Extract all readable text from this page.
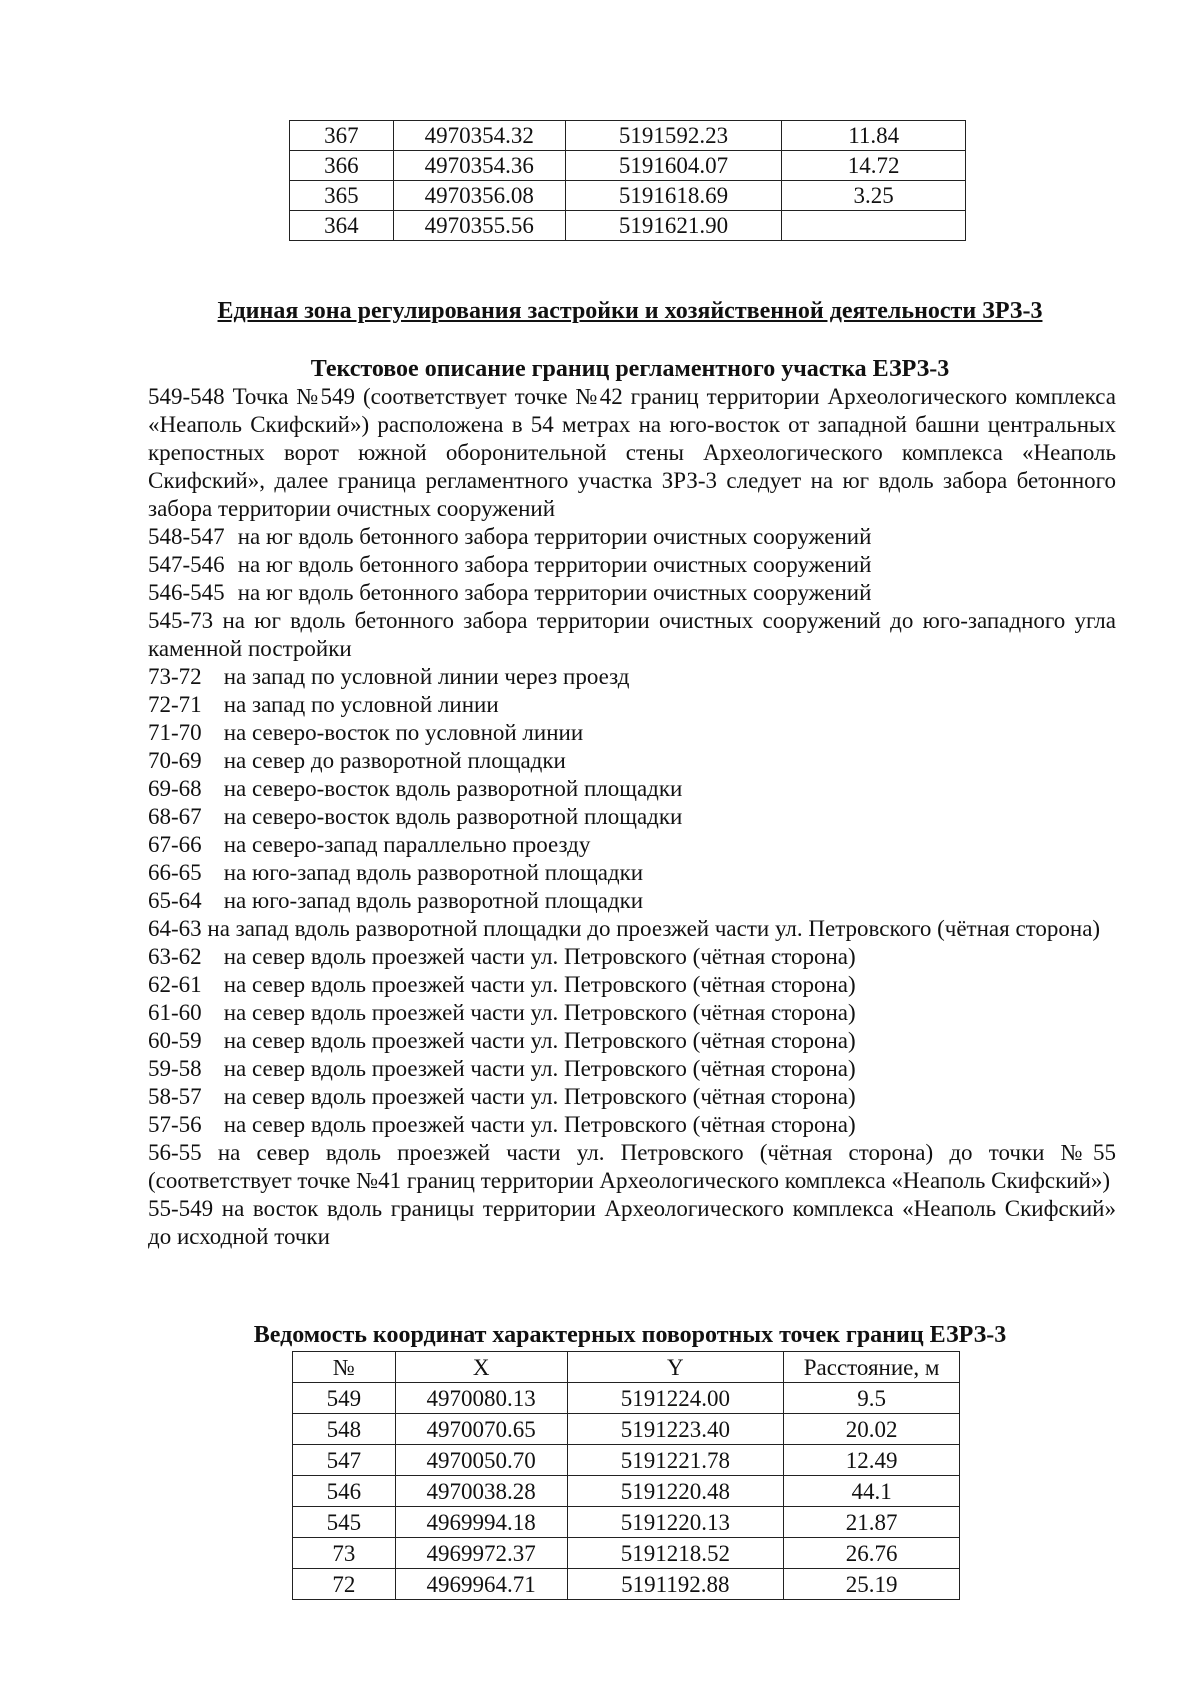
367	4970354.32	5191592.23	11.84
366	4970354.36	5191604.07	14.72
365	4970356.08	5191618.69	3.25
364	4970355.56	5191621.90	
Единая зона регулирования застройки и хозяйственной деятельности ЗРЗ-3
Текстовое описание границ регламентного участка ЕЗРЗ-3

549-548 Точка №549 (соответствует точке №42 границ территории Археологического комплекса «Неаполь Скифский») расположена в 54 метрах на юго-восток от западной башни центральных крепостных ворот южной оборонительной стены Археологического комплекса «Неаполь Скифский», далее граница регламентного участка ЗРЗ-3 следует на юг вдоль забора бетонного забора территории очистных сооружений

548-547 на юг вдоль бетонного забора территории очистных сооружений
547-546 на юг вдоль бетонного забора территории очистных сооружений
546-545 на юг вдоль бетонного забора территории очистных сооружений

545-73 на юг вдоль бетонного забора территории очистных сооружений до юго-западного угла каменной постройки

73-72 на запад по условной линии через проезд
72-71 на запад по условной линии
71-70 на северо-восток по условной линии
70-69 на север до разворотной площадки
69-68 на северо-восток вдоль разворотной площадки
68-67 на северо-восток вдоль разворотной площадки
67-66 на северо-запад параллельно проезду
66-65 на юго-запад вдоль разворотной площадки
65-64 на юго-запад вдоль разворотной площадки

64-63 на запад вдоль разворотной площадки до проезжей части ул. Петровского (чётная сторона)

63-62 на север вдоль проезжей части ул. Петровского (чётная сторона)
62-61 на север вдоль проезжей части ул. Петровского (чётная сторона)
61-60 на север вдоль проезжей части ул. Петровского (чётная сторона)
60-59 на север вдоль проезжей части ул. Петровского (чётная сторона)
59-58 на север вдоль проезжей части ул. Петровского (чётная сторона)
58-57 на север вдоль проезжей части ул. Петровского (чётная сторона)
57-56 на север вдоль проезжей части ул. Петровского (чётная сторона)

56-55 на север вдоль проезжей части ул. Петровского (чётная сторона) до точки №55 (соответствует точке №41 границ территории Археологического комплекса «Неаполь Скифский»)

55-549 на восток вдоль границы территории Археологического комплекса «Неаполь Скифский» до исходной точки

Ведомость координат характерных поворотных точек границ ЕЗРЗ-3
№	X	Y	Расстояние, м
549	4970080.13	5191224.00	9.5
548	4970070.65	5191223.40	20.02
547	4970050.70	5191221.78	12.49
546	4970038.28	5191220.48	44.1
545	4969994.18	5191220.13	21.87
73	4969972.37	5191218.52	26.76
72	4969964.71	5191192.88	25.19
